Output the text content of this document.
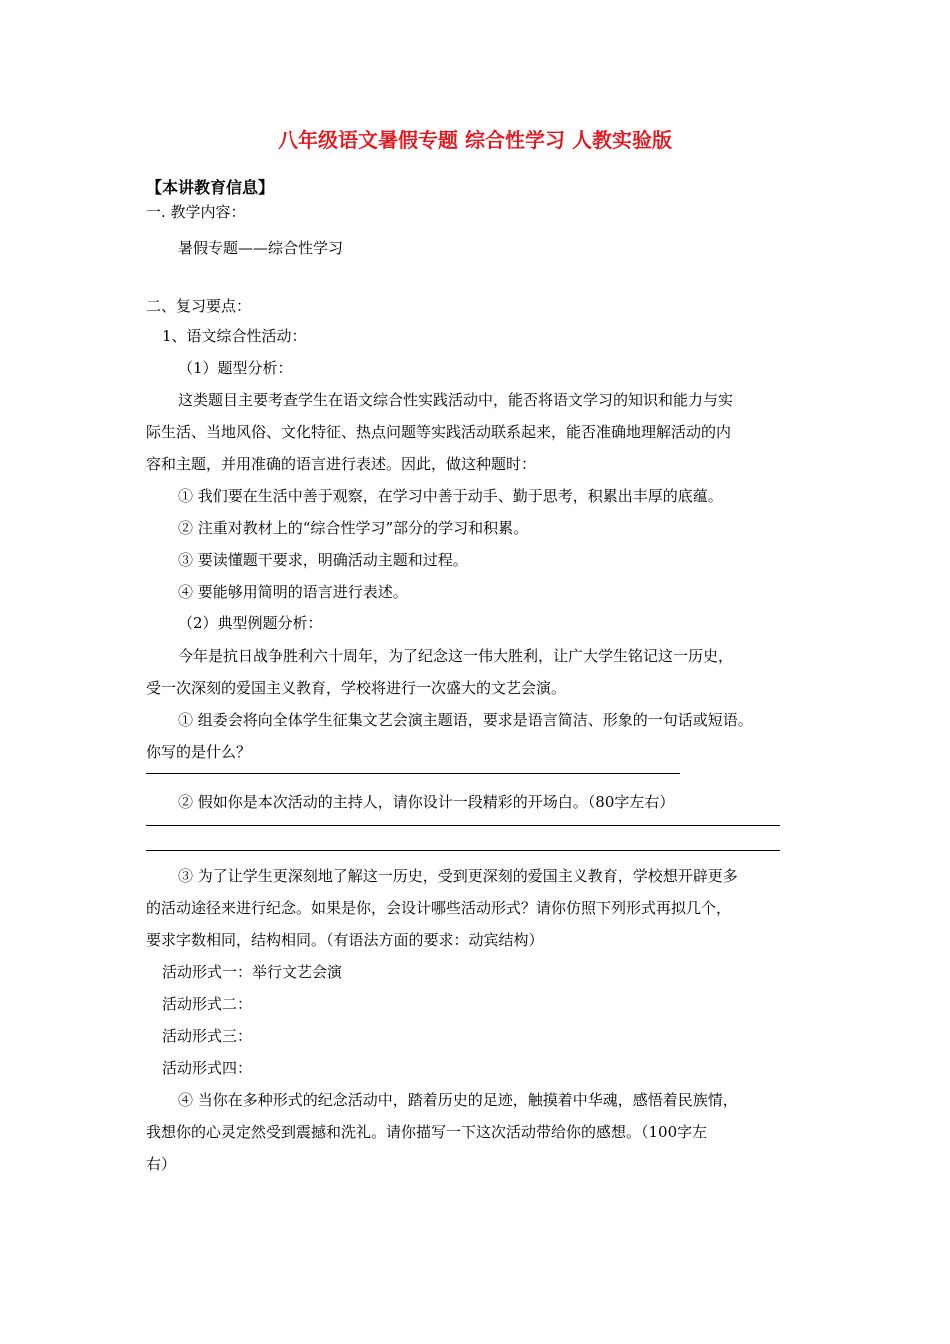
八年级语文暑假专题 综合性学习 人教实验版
【本讲教育信息】
一. 教学内容：
暑假专题——综合性学习
二、复习要点：
1、语文综合性活动：
（1）题型分析：
这类题目主要考查学生在语文综合性实践活动中，能否将语文学习的知识和能力与实
际生活、当地风俗、文化特征、热点问题等实践活动联系起来，能否准确地理解活动的内
容和主题，并用准确的语言进行表述。因此，做这种题时：
① 我们要在生活中善于观察，在学习中善于动手、勤于思考，积累出丰厚的底蕴。
② 注重对教材上的“综合性学习”部分的学习和积累。
③ 要读懂题干要求，明确活动主题和过程。
④ 要能够用简明的语言进行表述。
（2）典型例题分析：
今年是抗日战争胜利六十周年，为了纪念这一伟大胜利，让广大学生铭记这一历史，
受一次深刻的爱国主义教育，学校将进行一次盛大的文艺会演。
① 组委会将向全体学生征集文艺会演主题语，要求是语言简洁、形象的一句话或短语。
你写的是什么？
② 假如你是本次活动的主持人，请你设计一段精彩的开场白。（80字左右）
③ 为了让学生更深刻地了解这一历史，受到更深刻的爱国主义教育，学校想开辟更多
的活动途径来进行纪念。如果是你，会设计哪些活动形式？请你仿照下列形式再拟几个，
要求字数相同，结构相同。（有语法方面的要求：动宾结构）
活动形式一：举行文艺会演
活动形式二：
活动形式三：
活动形式四：
④ 当你在多种形式的纪念活动中，踏着历史的足迹，触摸着中华魂，感悟着民族情，
我想你的心灵定然受到震撼和洗礼。请你描写一下这次活动带给你的感想。（100字左
右）
